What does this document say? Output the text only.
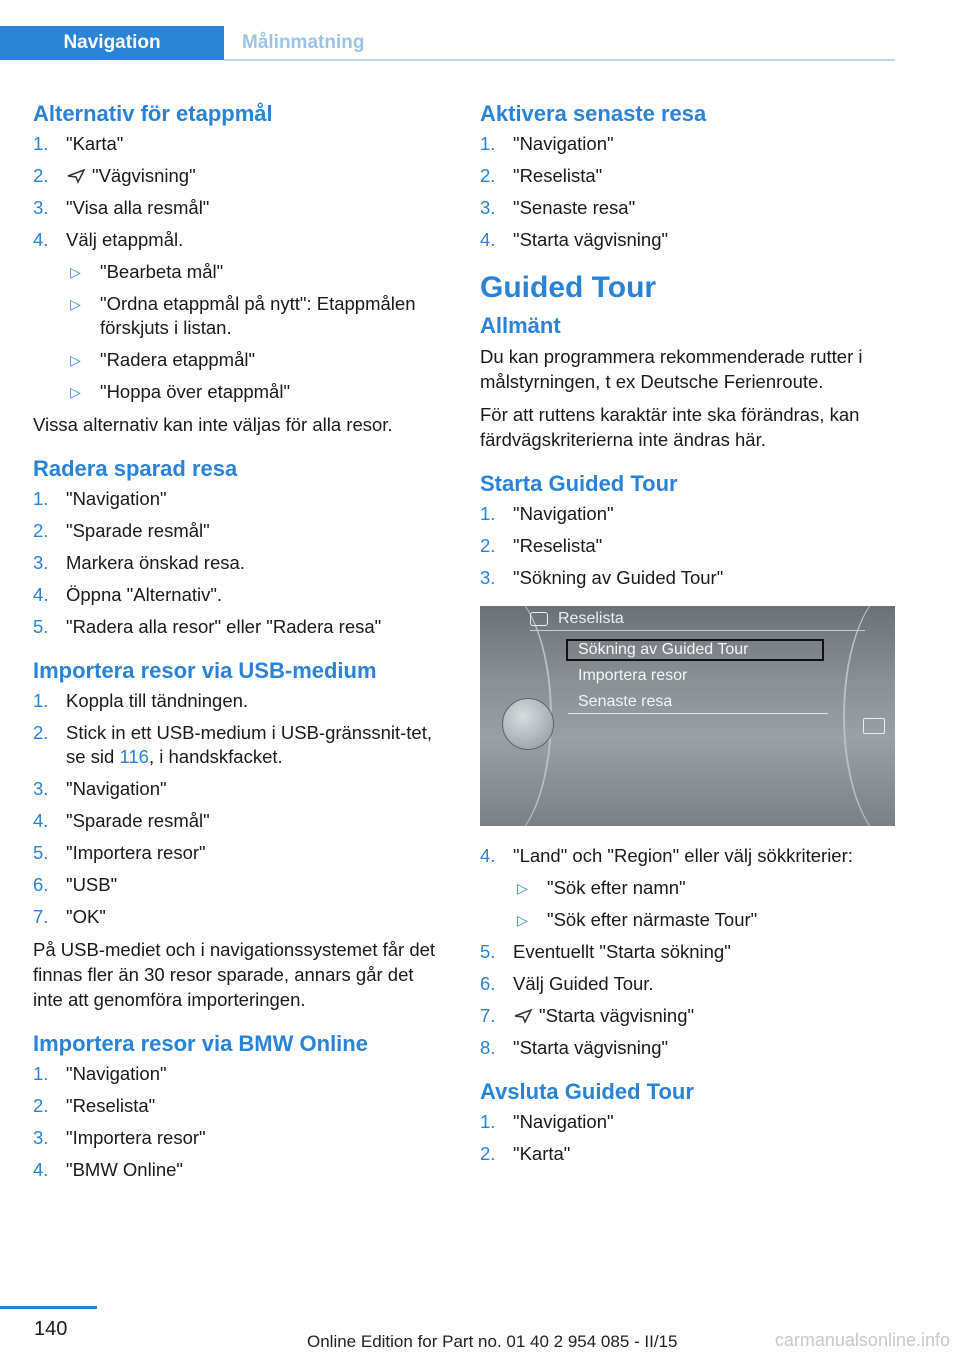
Navigation	Målinmatning
Alternativ för etappmål
1. "Karta"
2. "Vägvisning"
3. "Visa alla resmål"
4. Välj etappmål.
▷ "Bearbeta mål"
▷ "Ordna etappmål på nytt": Etappmålen förskjuts i listan.
▷ "Radera etappmål"
▷ "Hoppa över etappmål"

Vissa alternativ kan inte väljas för alla resor.

Radera sparad resa
1. "Navigation"
2. "Sparade resmål"
3. Markera önskad resa.
4. Öppna "Alternativ".
5. "Radera alla resor" eller "Radera resa"
Importera resor via USB-medium
1. Koppla till tändningen.
2. Stick in ett USB-medium i USB-gränssnit-tet, se sid 116, i handskfacket.
3. "Navigation"
4. "Sparade resmål"
5. "Importera resor"
6. "USB"
7. "OK"

På USB-mediet och i navigationssystemet får det finnas fler än 30 resor sparade, annars går det inte att genomföra importeringen.

Importera resor via BMW Online
1. "Navigation"
2. "Reselista"
3. "Importera resor"
4. "BMW Online"
Aktivera senaste resa
1. "Navigation"
2. "Reselista"
3. "Senaste resa"
4. "Starta vägvisning"
Guided Tour
Allmänt

Du kan programmera rekommenderade rutter i målstyrningen, t ex Deutsche Ferienroute.

För att ruttens karaktär inte ska förändras, kan färdvägskriterierna inte ändras här.

Starta Guided Tour
1. "Navigation"
2. "Reselista"
3. "Sökning av Guided Tour"
Reselista
Sökning av Guided Tour
Importera resor
Senaste resa
4. "Land" och "Region" eller välj sökkriterier:
▷ "Sök efter namn"
▷ "Sök efter närmaste Tour"
5. Eventuellt "Starta sökning"
6. Välj Guided Tour.
7. "Starta vägvisning"
8. "Starta vägvisning"
Avsluta Guided Tour
1. "Navigation"
2. "Karta"
140
Online Edition for Part no. 01 40 2 954 085 - II/15	carmanualsonline.info
